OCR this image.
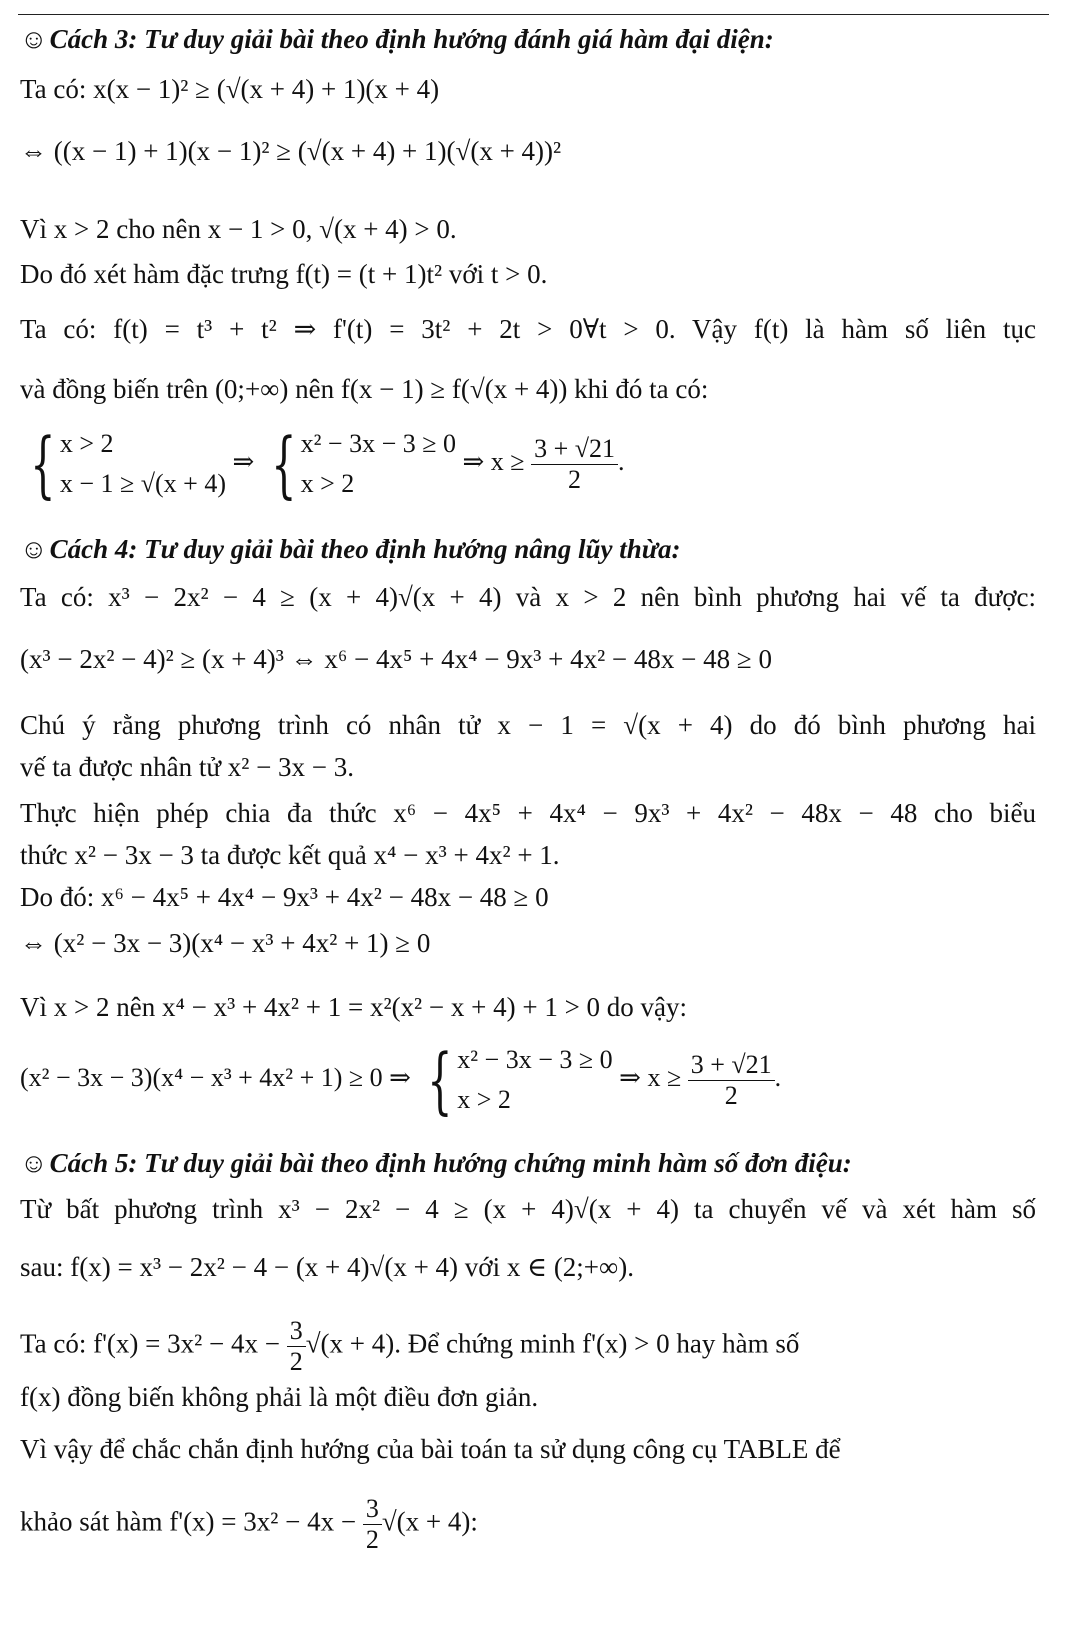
☺Cách 3: Tư duy giải bài theo định hướng đánh giá hàm đại diện:
Ta có: x(x − 1)² ≥ (√(x + 4) + 1)(x + 4)
⇔ ((x − 1) + 1)(x − 1)² ≥ (√(x + 4) + 1)(√(x + 4))²
Vì x > 2 cho nên x − 1 > 0, √(x + 4) > 0.
Do đó xét hàm đặc trưng f(t) = (t + 1)t² với t > 0.
Ta có: f(t) = t³ + t² ⇒ f'(t) = 3t² + 2t > 0∀t > 0. Vậy f(t) là hàm số liên tục
và đồng biến trên (0;+∞) nên f(x − 1) ≥ f(√(x + 4)) khi đó ta có:
{ x > 2
x − 1 ≥ √(x + 4)
⇒ { x² − 3x − 3 ≥ 0
x > 2
⇒ $x \ge \frac{3 + √21}{2}$ .
☺Cách 4: Tư duy giải bài theo định hướng nâng lũy thừa:
Ta có: x³ − 2x² − 4 ≥ (x + 4)√(x + 4) và x > 2 nên bình phương hai vế ta được:
(x³ − 2x² − 4)² ≥ (x + 4)³ ⇔ x⁶ − 4x⁵ + 4x⁴ − 9x³ + 4x² − 48x − 48 ≥ 0
Chú ý rằng phương trình có nhân tử x − 1 = √(x + 4) do đó bình phương hai
vế ta được nhân tử x² − 3x − 3.
Thực hiện phép chia đa thức x⁶ − 4x⁵ + 4x⁴ − 9x³ + 4x² − 48x − 48 cho biểu
thức x² − 3x − 3 ta được kết quả x⁴ − x³ + 4x² + 1.
Do đó: x⁶ − 4x⁵ + 4x⁴ − 9x³ + 4x² − 48x − 48 ≥ 0
⇔ (x² − 3x − 3)(x⁴ − x³ + 4x² + 1) ≥ 0
Vì x > 2 nên x⁴ − x³ + 4x² + 1 = x²(x² − x + 4) + 1 > 0 do vậy:
(x² − 3x − 3)(x⁴ − x³ + 4x² + 1) ≥ 0 ⇒ { x² − 3x − 3 ≥ 0
x > 2
⇒ $x \ge \frac{3 + √21}{2}$ .
☺Cách 5: Tư duy giải bài theo định hướng chứng minh hàm số đơn điệu:
Từ bất phương trình x³ − 2x² − 4 ≥ (x + 4)√(x + 4) ta chuyển vế và xét hàm số
sau: f(x) = x³ − 2x² − 4 − (x + 4)√(x + 4) với x ∈ (2;+∞).
Ta có: $f'(x) = 3x^2 - 4x - \frac{3}{2} √(x + 4)$. Để chứng minh f'(x) > 0 hay hàm số
f(x) đồng biến không phải là một điều đơn giản.
Vì vậy để chắc chắn định hướng của bài toán ta sử dụng công cụ TABLE để
khảo sát hàm $f'(x) = 3x^2 - 4x - \frac{3}{2} √(x + 4)$:
